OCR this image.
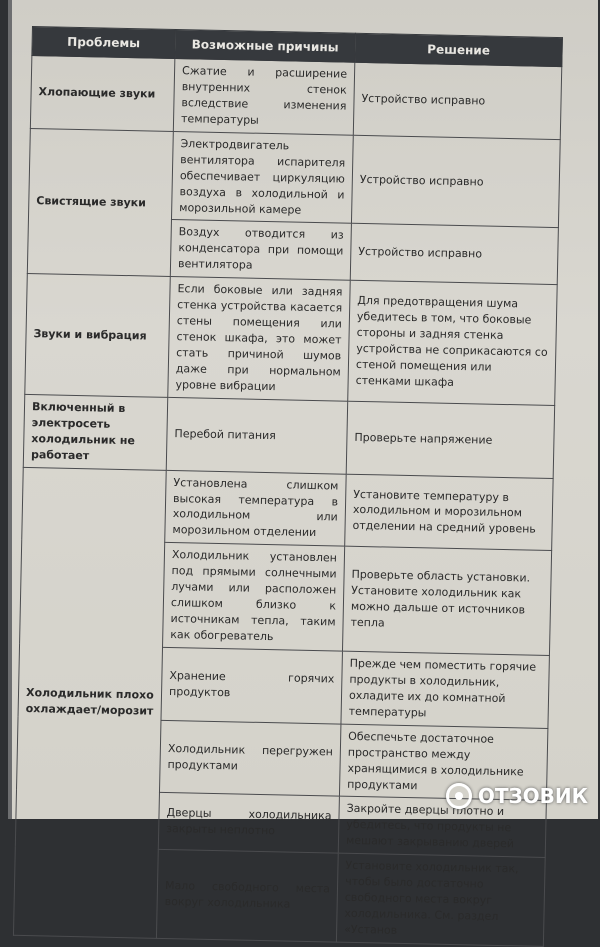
Проблемы	Возможные причины	Решение
Хлопающие звуки	Сжатие и расширение внутренних стенок вследствие изменения температуры	Устройство исправно
Свистящие звуки	Электродвигатель вентилятора испарителя обеспечивает циркуляцию воздуха в холодильной и морозильной камере	Устройство исправно
	Воздух отводится из конденсатора при помощи вентилятора	Устройство исправно
Звуки и вибрация	Если боковые или задняя стенка устройства касается стены помещения или стенок шкафа, это может стать причиной шумов даже при нормальном уровне вибрации	Для предотвращения шума убедитесь в том, что боковые стороны и задняя стенка устройства не соприкасаются со стеной помещения или стенками шкафа
Включенный в электросеть холодильник не работает	Перебой питания	Проверьте напряжение
Холодильник плохо охлаждает/морозит	Установлена слишком высокая температура в холодильном или морозильном отделении	Установите температуру в холодильном и морозильном отделении на средний уровень
	Холодильник установлен под прямыми солнечными лучами или расположен слишком близко к источникам тепла, таким как обогреватель	Проверьте область установки. Установите холодильник как можно дальше от источников тепла
	Хранение горячих продуктов	Прежде чем поместить горячие продукты в холодильник, охладите их до комнатной температуры
	Холодильник перегружен продуктами	Обеспечьте достаточное пространство между хранящимися в холодильнике продуктами
	Дверцы холодильника закрыты неплотно	Закройте дверцы плотно и убедитесь, что продукты не мешают закрыванию дверей
	Мало свободного места вокруг холодильника	Установите холодильник так, чтобы было достаточно свободного места вокруг холодильника. См. раздел «Установ
ОТЗОВИК
